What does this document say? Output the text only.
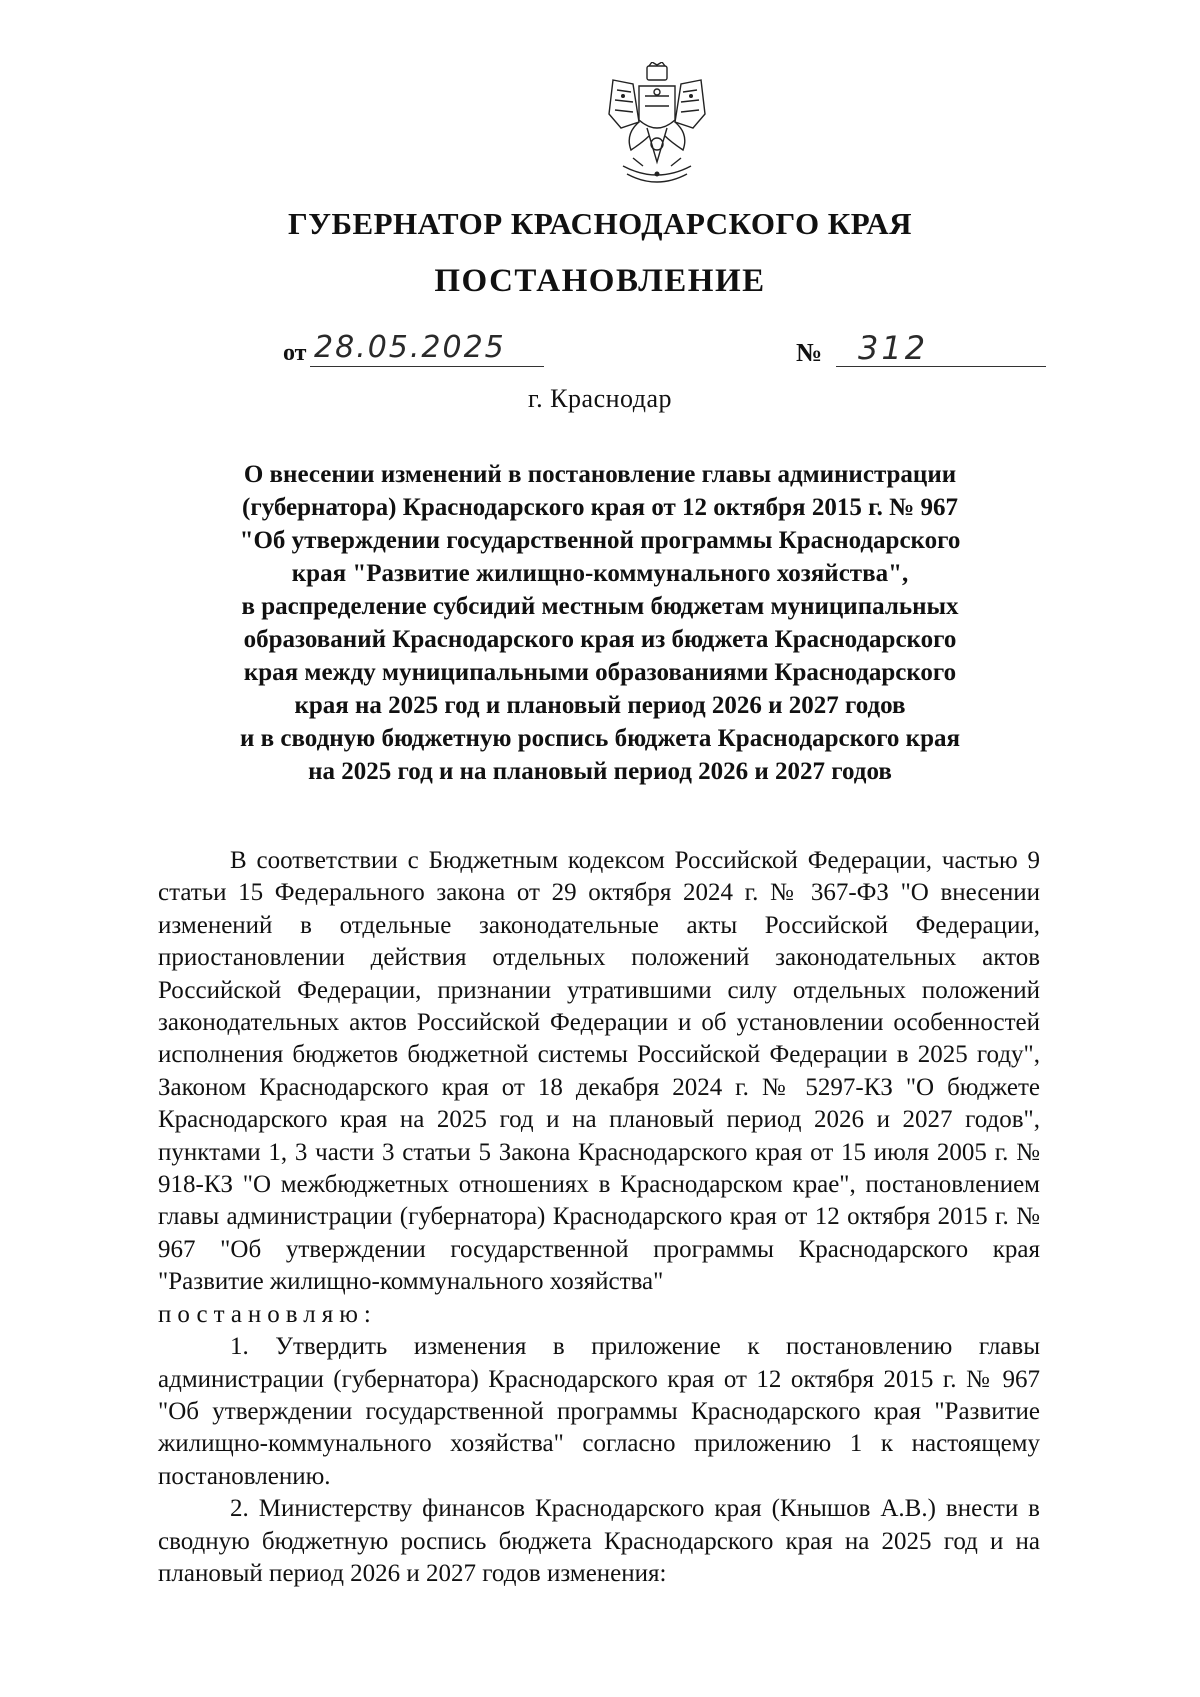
ГУБЕРНАТОР КРАСНОДАРСКОГО КРАЯ
ПОСТАНОВЛЕНИЕ
от 28.05.2025	№	312
г. Краснодар
О внесении изменений в постановление главы администрации
(губернатора) Краснодарского края от 12 октября 2015 г. № 967
"Об утверждении государственной программы Краснодарского
края "Развитие жилищно-коммунального хозяйства",
в распределение субсидий местным бюджетам муниципальных
образований Краснодарского края из бюджета Краснодарского
края между муниципальными образованиями Краснодарского
края на 2025 год и плановый период 2026 и 2027 годов
и в сводную бюджетную роспись бюджета Краснодарского края
на 2025 год и на плановый период 2026 и 2027 годов

В соответствии с Бюджетным кодексом Российской Федерации, частью 9 статьи 15 Федерального закона от 29 октября 2024 г. № 367-ФЗ "О внесении изменений в отдельные законодательные акты Российской Федерации, приостановлении действия отдельных положений законодательных актов Российской Федерации, признании утратившими силу отдельных положений законодательных актов Российской Федерации и об установлении особенностей исполнения бюджетов бюджетной системы Российской Федерации в 2025 году", Законом Краснодарского края от 18 декабря 2024 г. № 5297-КЗ "О бюджете Краснодарского края на 2025 год и на плановый период 2026 и 2027 годов", пунктами 1, 3 части 3 статьи 5 Закона Краснодарского края от 15 июля 2005 г. № 918-КЗ "О межбюджетных отношениях в Краснодарском крае", постановлением главы администрации (губернатора) Краснодарского края от 12 октября 2015 г. № 967 "Об утверждении государственной программы Краснодарского края "Развитие жилищно-коммунального хозяйства"

постановляю:

1. Утвердить изменения в приложение к постановлению главы администрации (губернатора) Краснодарского края от 12 октября 2015 г. № 967 "Об утверждении государственной программы Краснодарского края "Развитие жилищно-коммунального хозяйства" согласно приложению 1 к настоящему постановлению.

2. Министерству финансов Краснодарского края (Кнышов А.В.) внести в сводную бюджетную роспись бюджета Краснодарского края на 2025 год и на плановый период 2026 и 2027 годов изменения:
